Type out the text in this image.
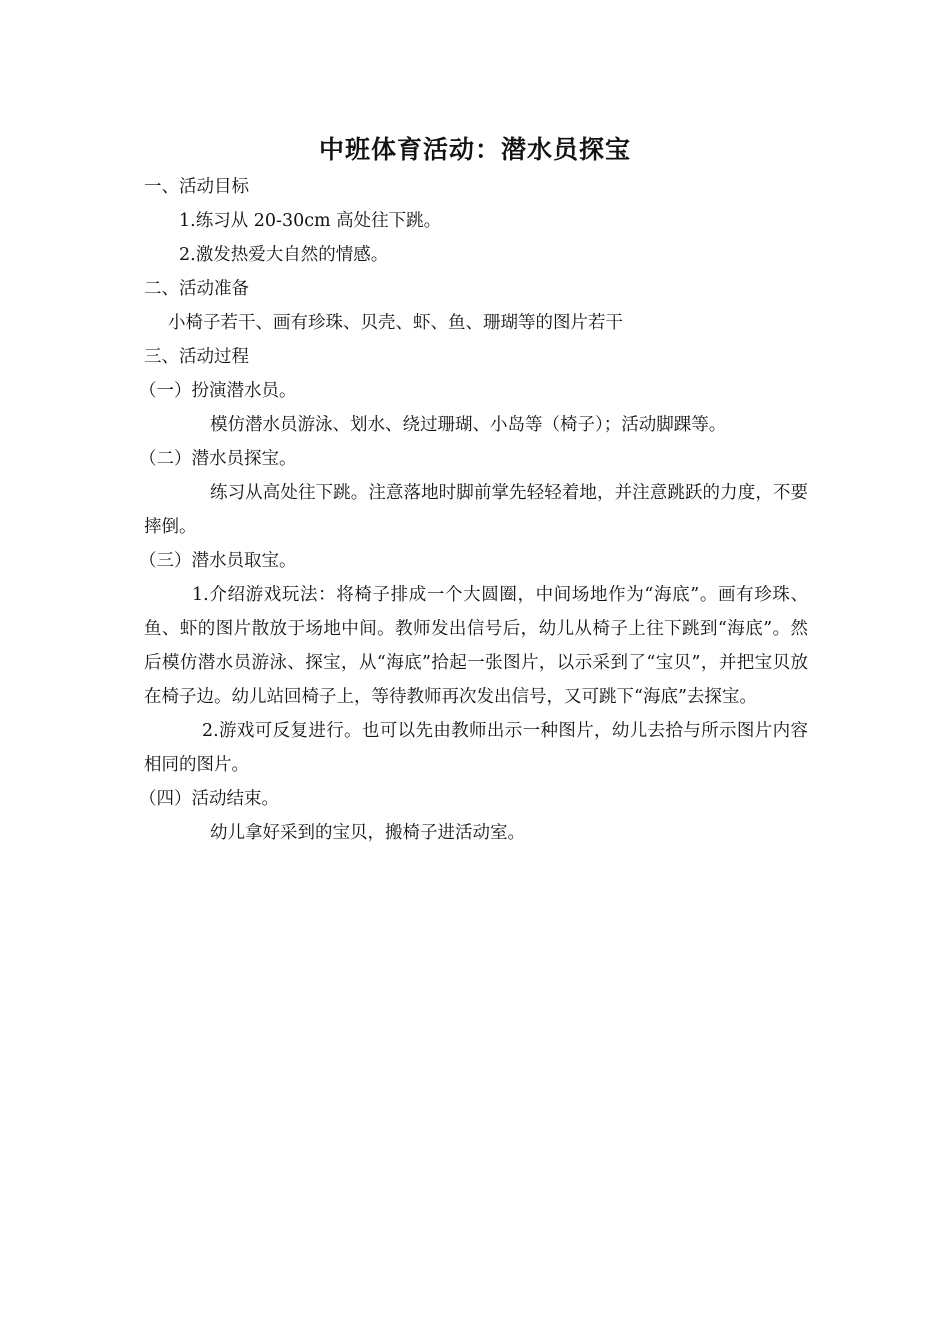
中班体育活动：潜水员探宝

一、活动目标

1.练习从 20-30cm 高处往下跳。

2.激发热爱大自然的情感。

二、活动准备

小椅子若干、画有珍珠、贝壳、虾、鱼、珊瑚等的图片若干

三、活动过程

（一）扮演潜水员。

模仿潜水员游泳、划水、绕过珊瑚、小岛等（椅子）；活动脚踝等。

（二）潜水员探宝。

练习从高处往下跳。注意落地时脚前掌先轻轻着地，并注意跳跃的力度，不要摔倒。

（三）潜水员取宝。

1.介绍游戏玩法：将椅子排成一个大圆圈，中间场地作为“海底”。画有珍珠、鱼、虾的图片散放于场地中间。教师发出信号后，幼儿从椅子上往下跳到“海底”。然后模仿潜水员游泳、探宝，从“海底”拾起一张图片，以示采到了“宝贝”，并把宝贝放在椅子边。幼儿站回椅子上，等待教师再次发出信号，又可跳下“海底”去探宝。

2.游戏可反复进行。也可以先由教师出示一种图片，幼儿去拾与所示图片内容相同的图片。

（四）活动结束。

幼儿拿好采到的宝贝，搬椅子进活动室。
